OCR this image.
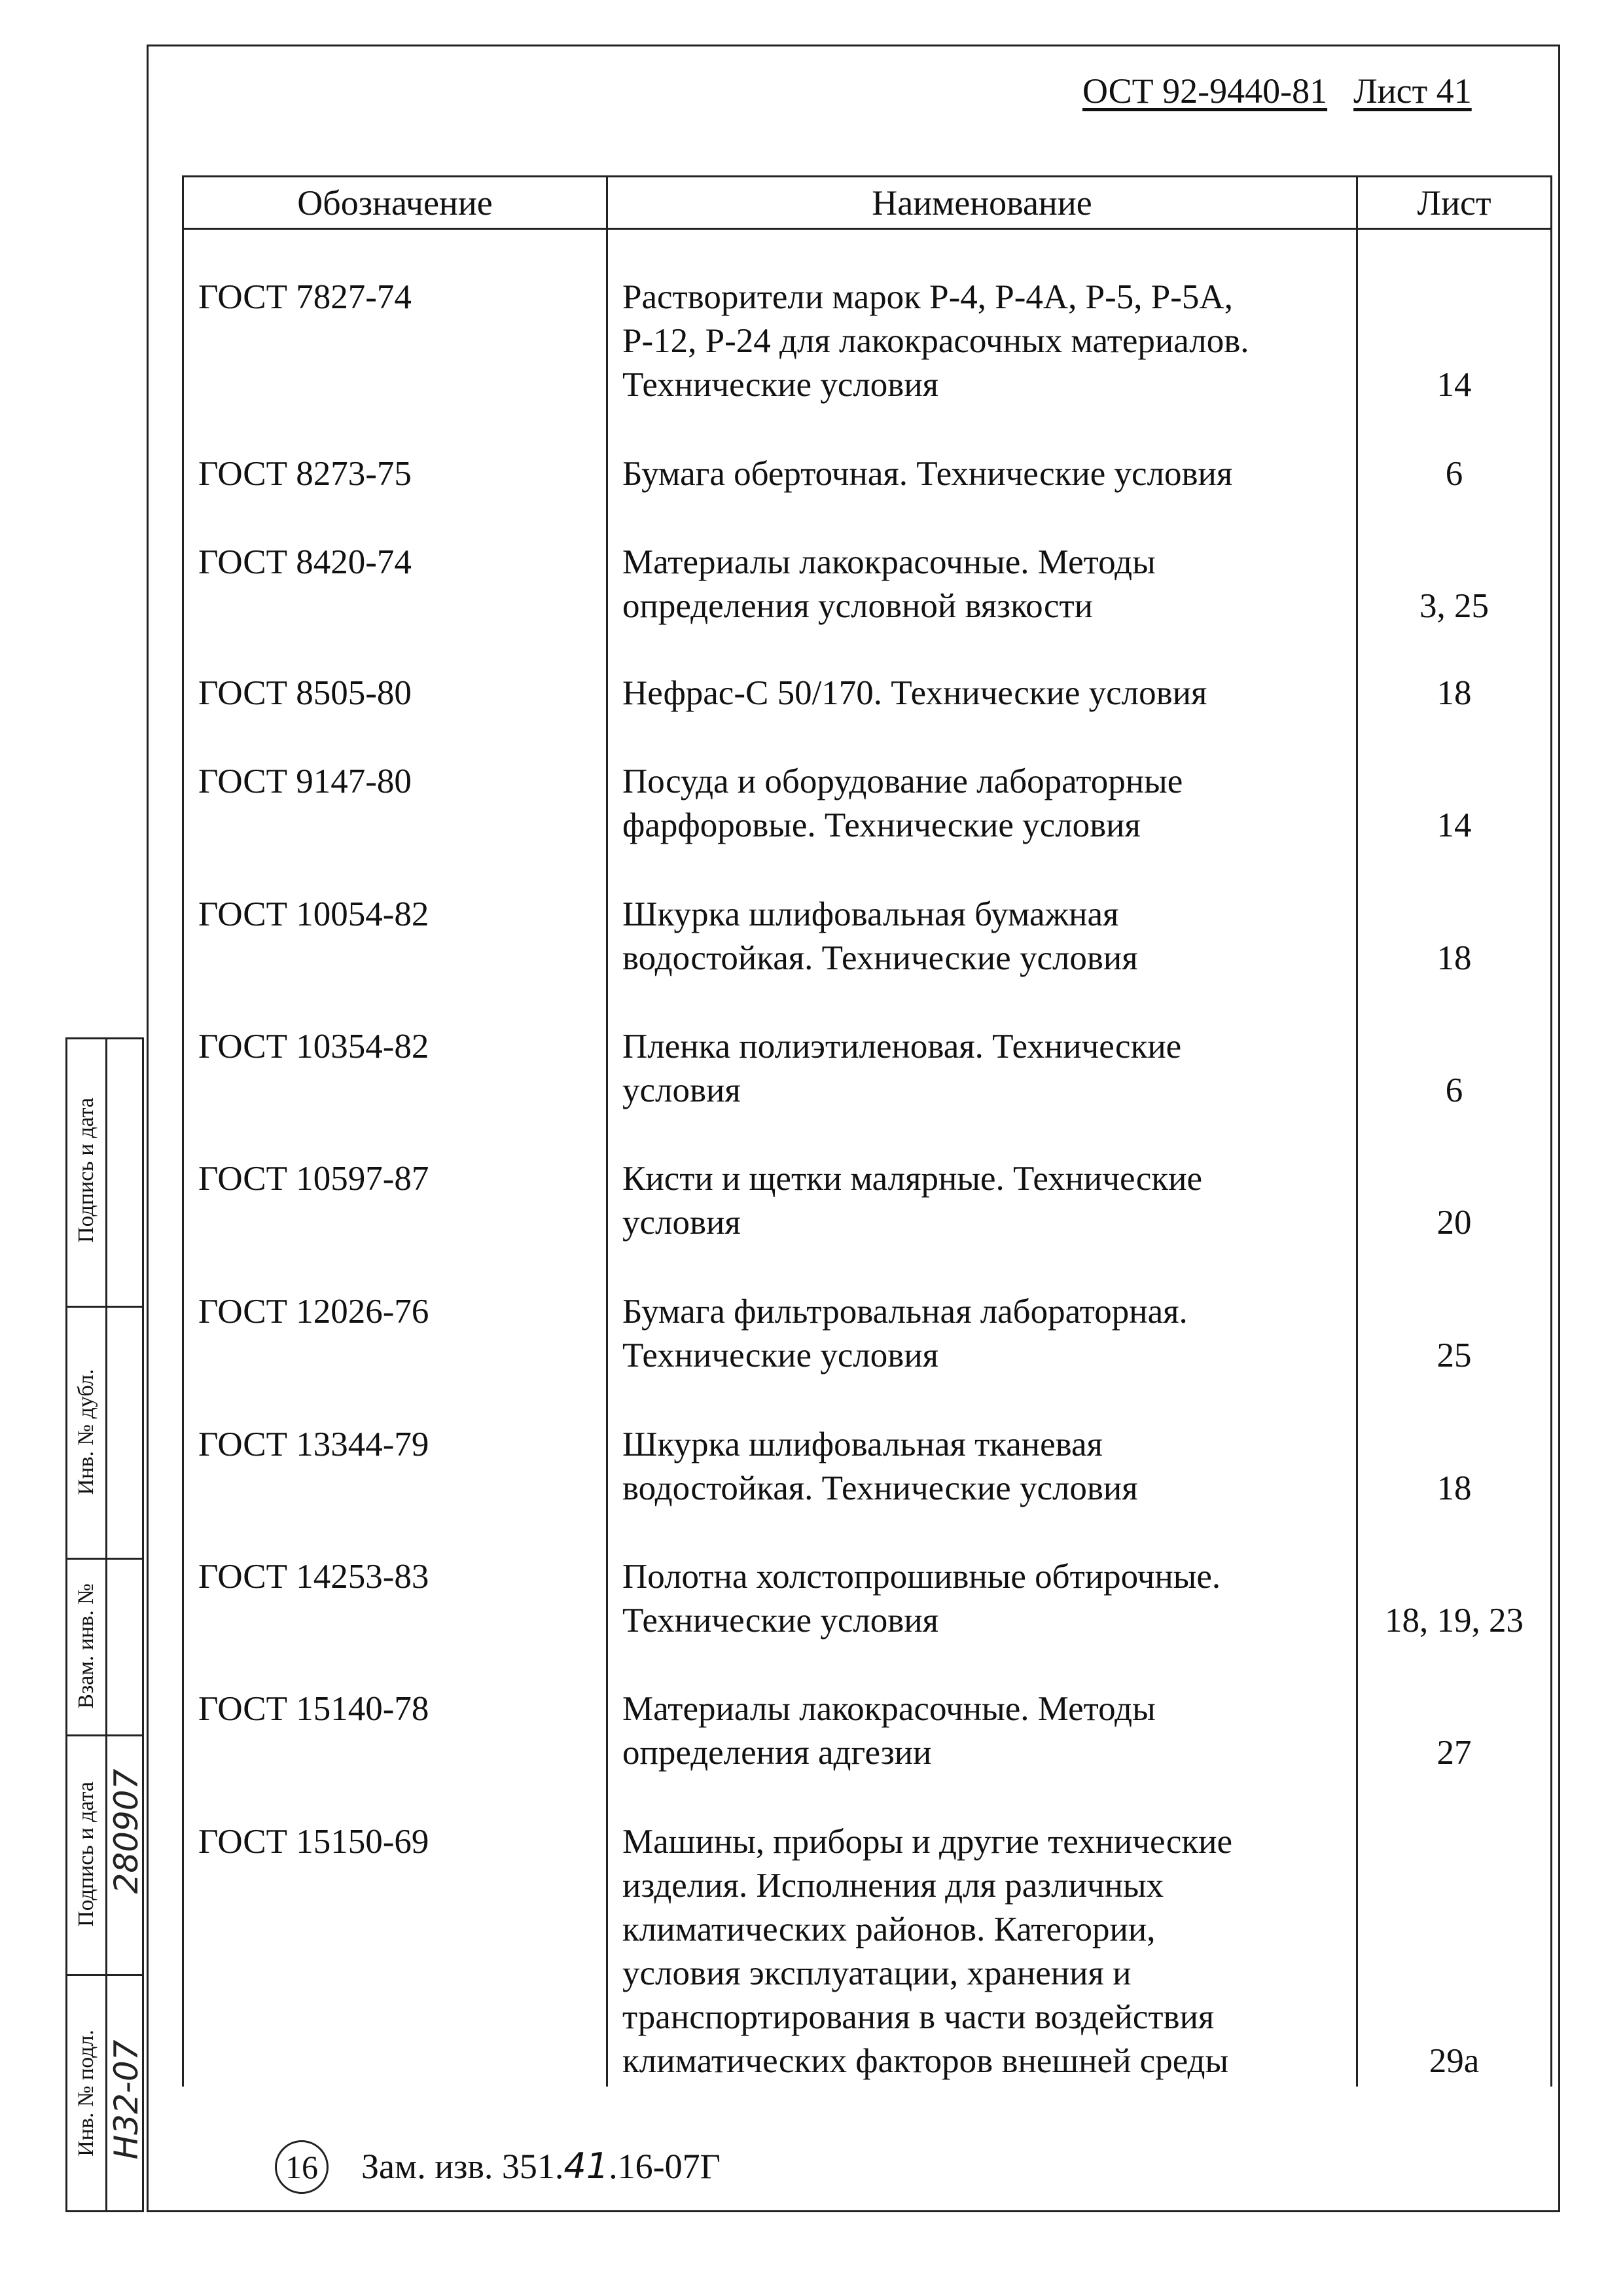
ОСТ 92-9440-81 Лист 41
Обозначение	Наименование	Лист
ГОСТ 7827-74	Растворители марок Р-4, Р-4А, Р-5, Р-5А,
Р-12, Р-24 для лакокрасочных материалов.
Технические условия	14
ГОСТ 8273-75	Бумага оберточная. Технические условия	6
ГОСТ 8420-74	Материалы лакокрасочные. Методы
определения условной вязкости	3, 25
ГОСТ 8505-80	Нефрас-С 50/170. Технические условия	18
ГОСТ 9147-80	Посуда и оборудование лабораторные
фарфоровые. Технические условия	14
ГОСТ 10054-82	Шкурка шлифовальная бумажная
водостойкая. Технические условия	18
ГОСТ 10354-82	Пленка полиэтиленовая. Технические
условия	6
ГОСТ 10597-87	Кисти и щетки малярные. Технические
условия	20
ГОСТ 12026-76	Бумага фильтровальная лабораторная.
Технические условия	25
ГОСТ 13344-79	Шкурка шлифовальная тканевая
водостойкая. Технические условия	18
ГОСТ 14253-83	Полотна холстопрошивные обтирочные.
Технические условия	18, 19, 23
ГОСТ 15140-78	Материалы лакокрасочные. Методы
определения адгезии	27
ГОСТ 15150-69	Машины, приборы и другие технические
изделия. Исполнения для различных
климатических районов. Категории,
условия эксплуатации, хранения и
транспортирования в части воздействия
климатических факторов внешней среды	29а
Подпись и дата
Инв. № дубл.
Взам. инв. №
Подпись и дата
Инв. № подл.
280907
Н32-07
16 Зам. изв. 351.41.16-07Г
